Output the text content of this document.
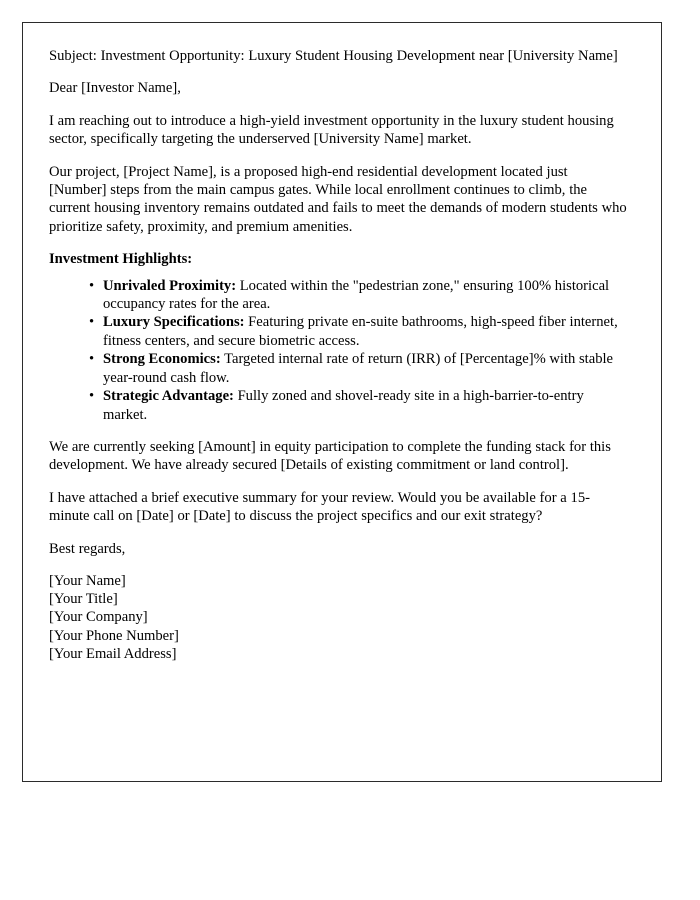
Subject: Investment Opportunity: Luxury Student Housing Development near [University Name]

Dear [Investor Name],

I am reaching out to introduce a high-yield investment opportunity in the luxury student housing sector, specifically targeting the underserved [University Name] market.

Our project, [Project Name], is a proposed high-end residential development located just [Number] steps from the main campus gates. While local enrollment continues to climb, the current housing inventory remains outdated and fails to meet the demands of modern students who prioritize safety, proximity, and premium amenities.

Investment Highlights:

• Unrivaled Proximity: Located within the "pedestrian zone," ensuring 100% historical occupancy rates for the area.
• Luxury Specifications: Featuring private en-suite bathrooms, high-speed fiber internet, fitness centers, and secure biometric access.
• Strong Economics: Targeted internal rate of return (IRR) of [Percentage]% with stable year-round cash flow.
• Strategic Advantage: Fully zoned and shovel-ready site in a high-barrier-to-entry market.

We are currently seeking [Amount] in equity participation to complete the funding stack for this development. We have already secured [Details of existing commitment or land control].

I have attached a brief executive summary for your review. Would you be available for a 15-minute call on [Date] or [Date] to discuss the project specifics and our exit strategy?

Best regards,

[Your Name]

[Your Title]

[Your Company]

[Your Phone Number]

[Your Email Address]
